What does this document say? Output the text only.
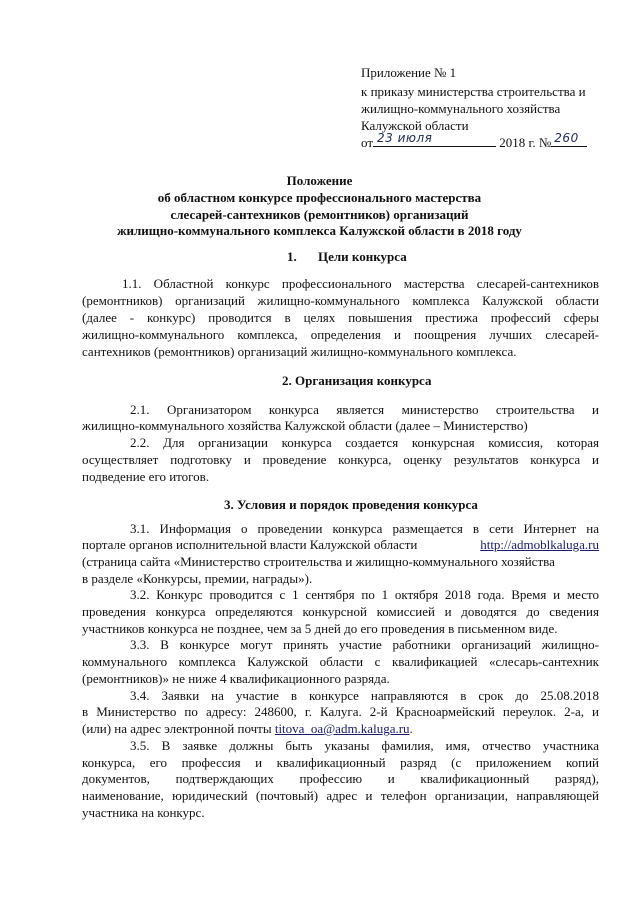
Приложение № 1
к приказу министерства строительства и
жилищно-коммунального хозяйства
Калужской области
от 23 июля	2018 г. № 260
Положение
об областном конкурсе профессионального мастерства
слесарей-сантехников (ремонтников) организаций
жилищно-коммунального комплекса Калужской области в 2018 году
1. Цели конкурса
1.1. Областной конкурс профессионального мастерства слесарей-сантехников
(ремонтников) организаций жилищно-коммунального комплекса Калужской области
(далее - конкурс) проводится в целях повышения престижа профессий сферы
жилищно-коммунального комплекса, определения и поощрения лучших слесарей-
сантехников (ремонтников) организаций жилищно-коммунального комплекса.
2. Организация конкурса
2.1. Организатором конкурса является министерство строительства и
жилищно-коммунального хозяйства Калужской области (далее – Министерство)
2.2. Для организации конкурса создается конкурсная комиссия, которая
осуществляет подготовку и проведение конкурса, оценку результатов конкурса и
подведение его итогов.
3. Условия и порядок проведения конкурса
3.1. Информация о проведении конкурса размещается в сети Интернет на
портале органов исполнительной власти Калужской области	http://admoblkaluga.ru
(страница сайта «Министерство строительства и жилищно-коммунального хозяйства
в разделе «Конкурсы, премии, награды»).
3.2. Конкурс проводится с 1 сентября по 1 октября 2018 года. Время и место
проведения конкурса определяются конкурсной комиссией и доводятся до сведения
участников конкурса не позднее, чем за 5 дней до его проведения в письменном виде.
3.3. В конкурсе могут принять участие работники организаций жилищно-
коммунального комплекса Калужской области с квалификацией «слесарь-сантехник
(ремонтников)» не ниже 4 квалификационного разряда.
3.4. Заявки на участие в конкурсе направляются в срок до 25.08.2018
в Министерство по адресу: 248600, г. Калуга. 2-й Красноармейский переулок. 2-а, и
(или) на адрес электронной почты titova_oa@adm.kaluga.ru.
3.5. В заявке должны быть указаны фамилия, имя, отчество участника
конкурса, его профессия и квалификационный разряд (с приложением копий
документов, подтверждающих профессию и квалификационный разряд),
наименование, юридический (почтовый) адрес и телефон организации, направляющей
участника на конкурс.
